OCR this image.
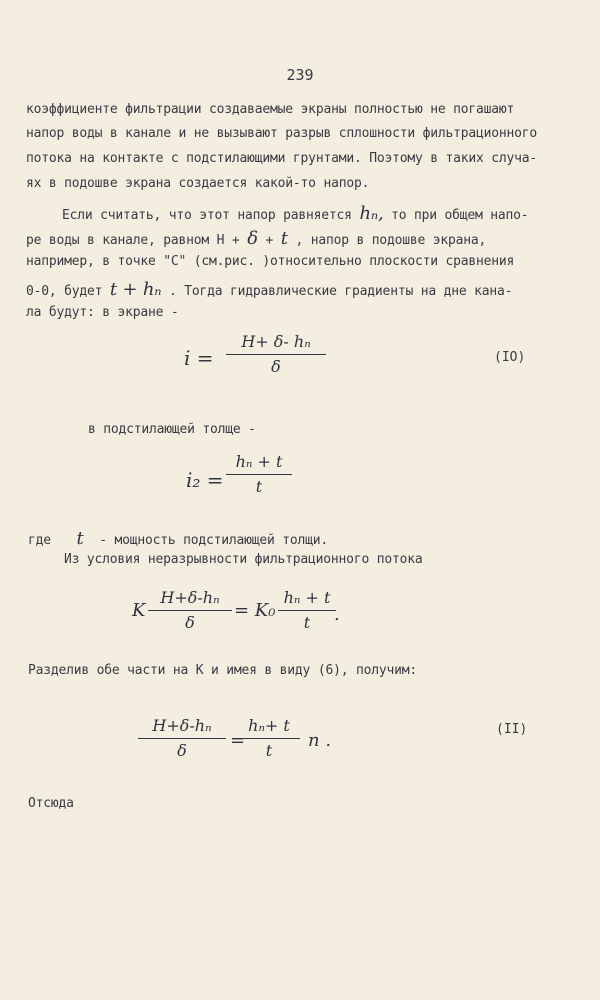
239
коэффициенте фильтрации создаваемые экраны полностью не погашают
напор воды в канале и не вызывают разрыв сплошности фильтрационного
потока на контакте с подстилающими грунтами. Поэтому в таких случа-
ях в подошве экрана создается какой-то напор.
Если считать, что этот напор равняется hₙ, то при общем напо-
ре воды в канале, равном H + δ + t , напор в подошве экрана,
например, в точке "С" (см.рис. )относительно плоскости сравнения
0-0, будет t + hₙ . Тогда гидравлические градиенты на дне кана-
ла будут: в экране -
i =
H+ δ- hₙ
δ	(IO)
в подстилающей толще -
i₂ =
hₙ + t
t
где t - мощность подстилающей толщи.
Из условия неразрывности фильтрационного потока
K
H+δ-hₙ
δ
= K₀
hₙ + t
t	.
Разделив обе части на К и имея в виду (6), получим:
H+δ-hₙ
δ	=
hₙ+ t
t	n .
(II)
Отсюда
